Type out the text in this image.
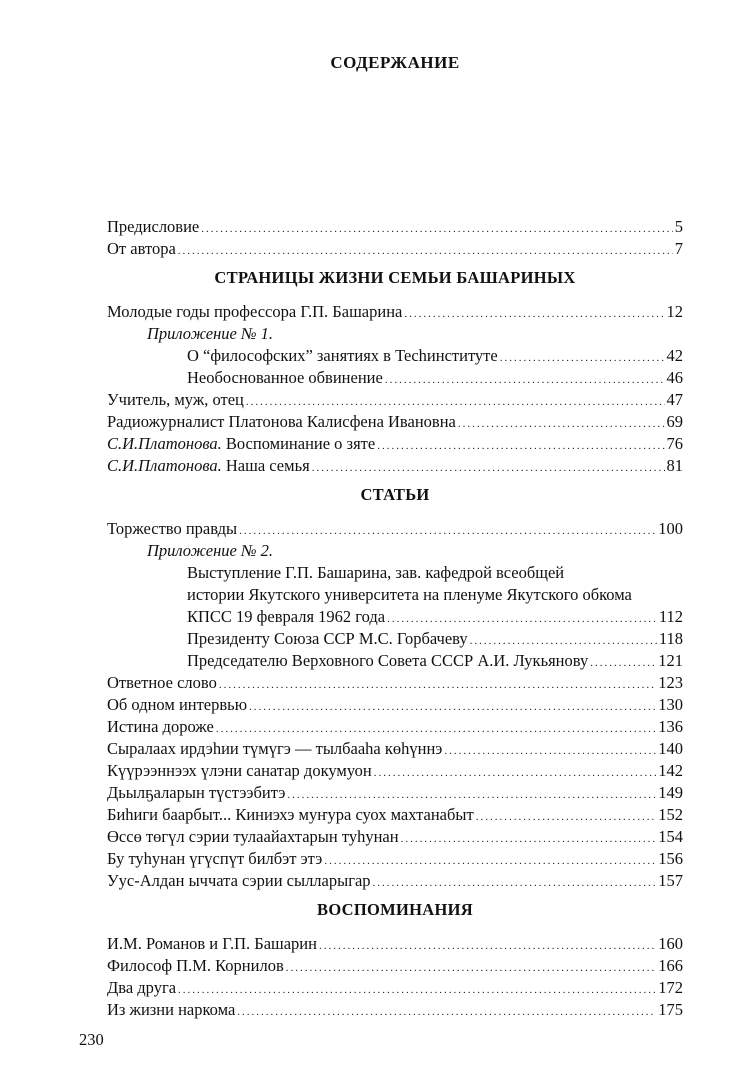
СОДЕРЖАНИЕ
Предисловие .....	5
От автора .....	7
СТРАНИЦЫ ЖИЗНИ СЕМЬИ БАШАРИНЫХ
Молодые годы профессора Г.П. Башарина .....	12
Приложение № 1.
О “философских” занятиях в Techинституте .....	42
Необоснованное обвинение .....	46
Учитель, муж, отец .....	47
Радиожурналист Платонова Калисфена Ивановна .....	69
С.И.Платонова. Воспоминание о зяте .....	76
С.И.Платонова. Наша семья .....	81
СТАТЬИ
Торжество правды .....	100
Приложение № 2.
Выступление Г.П. Башарина, зав. кафедрой всеобщей
истории Якутского университета на пленуме Якутского обкома
КПСС 19 февраля 1962 года .....	112
Президенту Союза ССР М.С. Горбачеву .....	118
Председателю Верховного Совета СССР А.И. Лукьянову .....	121
Ответное слово .....	123
Об одном интервью .....	130
Истина дороже .....	136
Сыралаах ирдэһии түмүгэ — тылбааһа көһүннэ .....	140
Күүрээннээх үлэни санатар докумуон .....	142
Дьылҕаларын түстээбитэ .....	149
Биһиги баарбыт... Киниэхэ муҥура суох махтанабыт .....	152
Өссө төгүл сэрии тулаайахтарын туһунан .....	154
Бу туһунан үгүспүт билбэт этэ .....	156
Уус-Алдан ыччата сэрии сылларыгар .....	157
ВОСПОМИНАНИЯ
И.М. Романов и Г.П. Башарин .....	160
Философ П.М. Корнилов .....	166
Два друга .....	172
Из жизни наркома .....	175
230
